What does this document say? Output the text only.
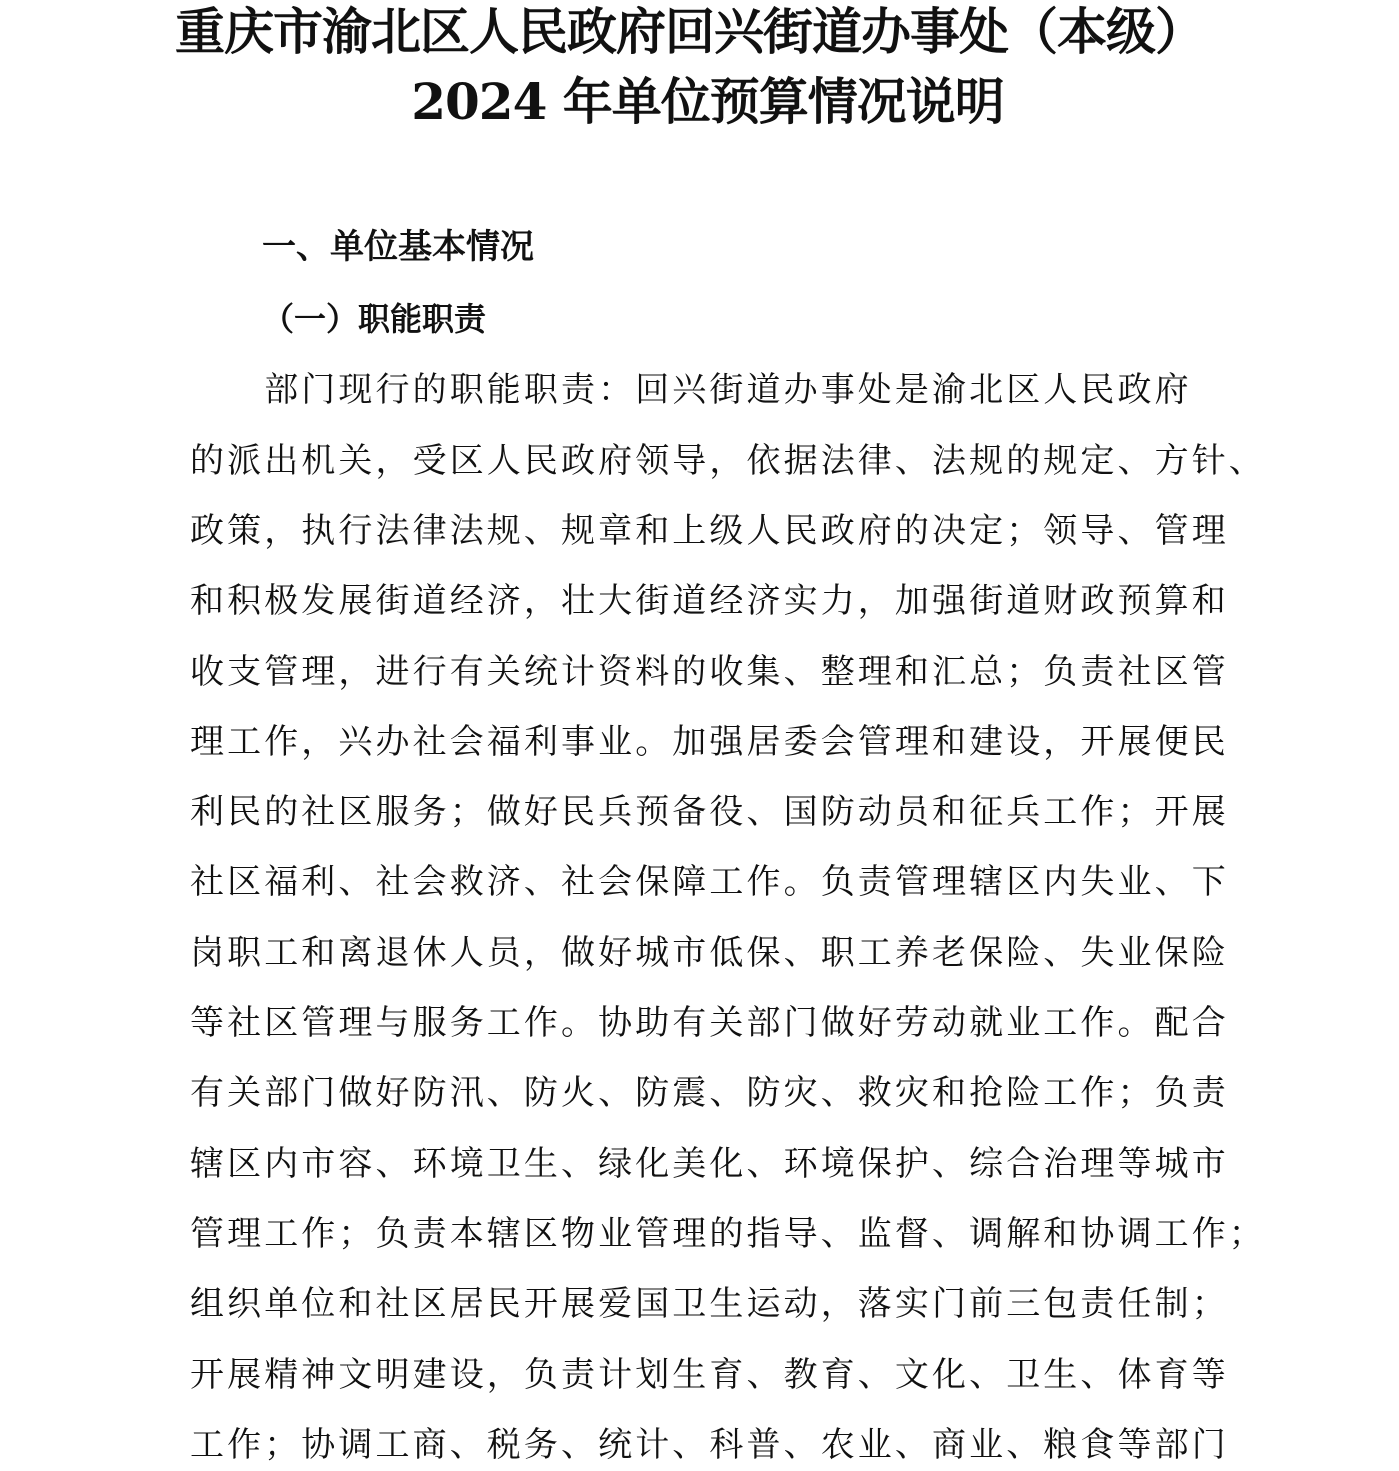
重庆市渝北区人民政府回兴街道办事处（本级）
2024 年单位预算情况说明
一、单位基本情况
（一）职能职责
　　部门现行的职能职责：回兴街道办事处是渝北区人民政府
的派出机关，受区人民政府领导，依据法律、法规的规定、方针、
政策，执行法律法规、规章和上级人民政府的决定；领导、管理
和积极发展街道经济，壮大街道经济实力，加强街道财政预算和
收支管理，进行有关统计资料的收集、整理和汇总；负责社区管
理工作，兴办社会福利事业。加强居委会管理和建设，开展便民
利民的社区服务；做好民兵预备役、国防动员和征兵工作；开展
社区福利、社会救济、社会保障工作。负责管理辖区内失业、下
岗职工和离退休人员，做好城市低保、职工养老保险、失业保险
等社区管理与服务工作。协助有关部门做好劳动就业工作。配合
有关部门做好防汛、防火、防震、防灾、救灾和抢险工作；负责
辖区内市容、环境卫生、绿化美化、环境保护、综合治理等城市
管理工作；负责本辖区物业管理的指导、监督、调解和协调工作；
组织单位和社区居民开展爱国卫生运动，落实门前三包责任制；
开展精神文明建设，负责计划生育、教育、文化、卫生、体育等
工作；协调工商、税务、统计、科普、农业、商业、粮食等部门
